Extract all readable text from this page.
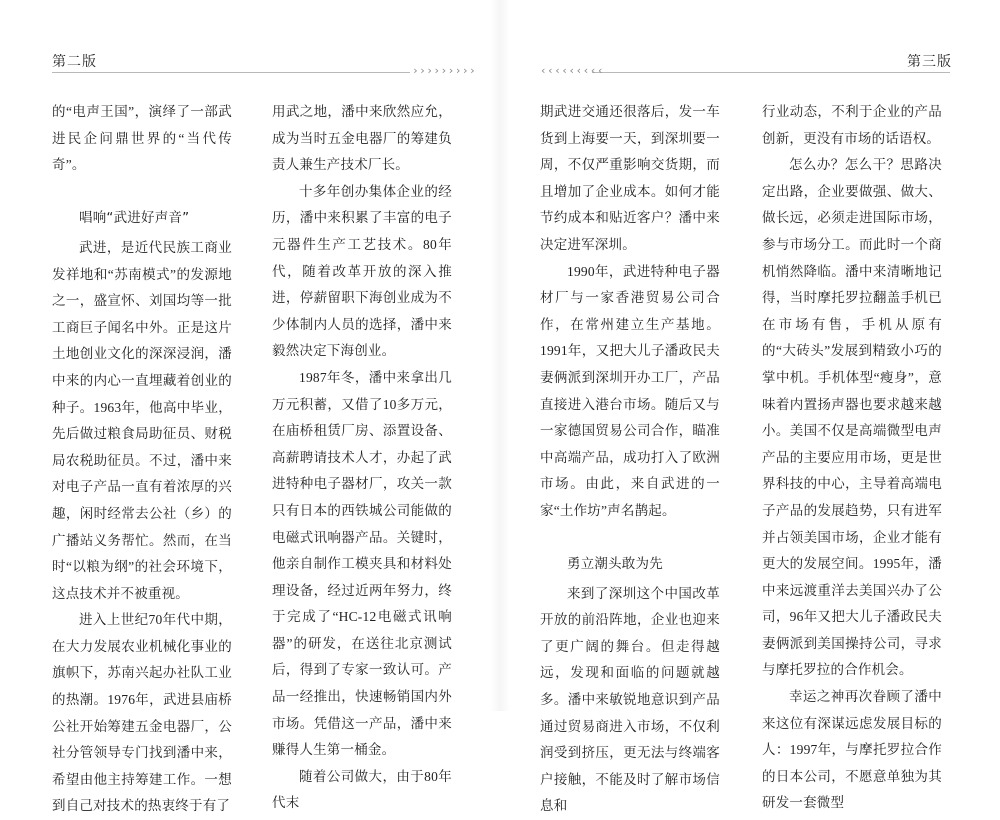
第二版
›››››››››

的“电声王国”，演绎了一部武进民企问鼎世界的“当代传奇”。

唱响“武进好声音”

武进，是近代民族工商业发祥地和“苏南模式”的发源地之一，盛宣怀、刘国均等一批工商巨子闻名中外。正是这片土地创业文化的深深浸润，潘中来的内心一直埋藏着创业的种子。1963年，他高中毕业，先后做过粮食局助征员、财税局农税助征员。不过，潘中来对电子产品一直有着浓厚的兴趣，闲时经常去公社（乡）的广播站义务帮忙。然而，在当时“以粮为纲”的社会环境下，这点技术并不被重视。

进入上世纪70年代中期，在大力发展农业机械化事业的旗帜下，苏南兴起办社队工业的热潮。1976年，武进县庙桥公社开始筹建五金电器厂，公社分管领导专门找到潘中来，希望由他主持筹建工作。一想到自己对技术的热衷终于有了

用武之地，潘中来欣然应允，成为当时五金电器厂的筹建负责人兼生产技术厂长。

十多年创办集体企业的经历，潘中来积累了丰富的电子元器件生产工艺技术。80年代，随着改革开放的深入推进，停薪留职下海创业成为不少体制内人员的选择，潘中来毅然决定下海创业。

1987年冬，潘中来拿出几万元积蓄，又借了10多万元，在庙桥租赁厂房、添置设备、高薪聘请技术人才，办起了武进特种电子器材厂，攻关一款只有日本的西铁城公司能做的电磁式讯响器产品。关键时，他亲自制作工模夹具和材料处理设备，经过近两年努力，终于完成了“HC-12电磁式讯响器”的研发，在送往北京测试后，得到了专家一致认可。产品一经推出，快速畅销国内外市场。凭借这一产品，潘中来赚得人生第一桶金。

随着公司做大，由于80年代末

第三版
‹‹‹‹‹‹‹‹‹

期武进交通还很落后，发一车货到上海要一天，到深圳要一周，不仅严重影响交货期，而且增加了企业成本。如何才能节约成本和贴近客户？潘中来决定进军深圳。

1990年，武进特种电子器材厂与一家香港贸易公司合作，在常州建立生产基地。1991年，又把大儿子潘政民夫妻俩派到深圳开办工厂，产品直接进入港台市场。随后又与一家德国贸易公司合作，瞄准中高端产品，成功打入了欧洲市场。由此，来自武进的一家“土作坊”声名鹊起。

勇立潮头敢为先

来到了深圳这个中国改革开放的前沿阵地，企业也迎来了更广阔的舞台。但走得越远，发现和面临的问题就越多。潘中来敏锐地意识到产品通过贸易商进入市场，不仅利润受到挤压，更无法与终端客户接触，不能及时了解市场信息和

行业动态，不利于企业的产品创新，更没有市场的话语权。

怎么办？怎么干？思路决定出路，企业要做强、做大、做长远，必须走进国际市场，参与市场分工。而此时一个商机悄然降临。潘中来清晰地记得，当时摩托罗拉翻盖手机已在市场有售，手机从原有的“大砖头”发展到精致小巧的掌中机。手机体型“瘦身”，意味着内置扬声器也要求越来越小。美国不仅是高端微型电声产品的主要应用市场，更是世界科技的中心，主导着高端电子产品的发展趋势，只有进军并占领美国市场，企业才能有更大的发展空间。1995年，潘中来远渡重洋去美国兴办了公司，96年又把大儿子潘政民夫妻俩派到美国操持公司，寻求与摩托罗拉的合作机会。

幸运之神再次眷顾了潘中来这位有深谋远虑发展目标的人：1997年，与摩托罗拉合作的日本公司，不愿意单独为其研发一套微型
